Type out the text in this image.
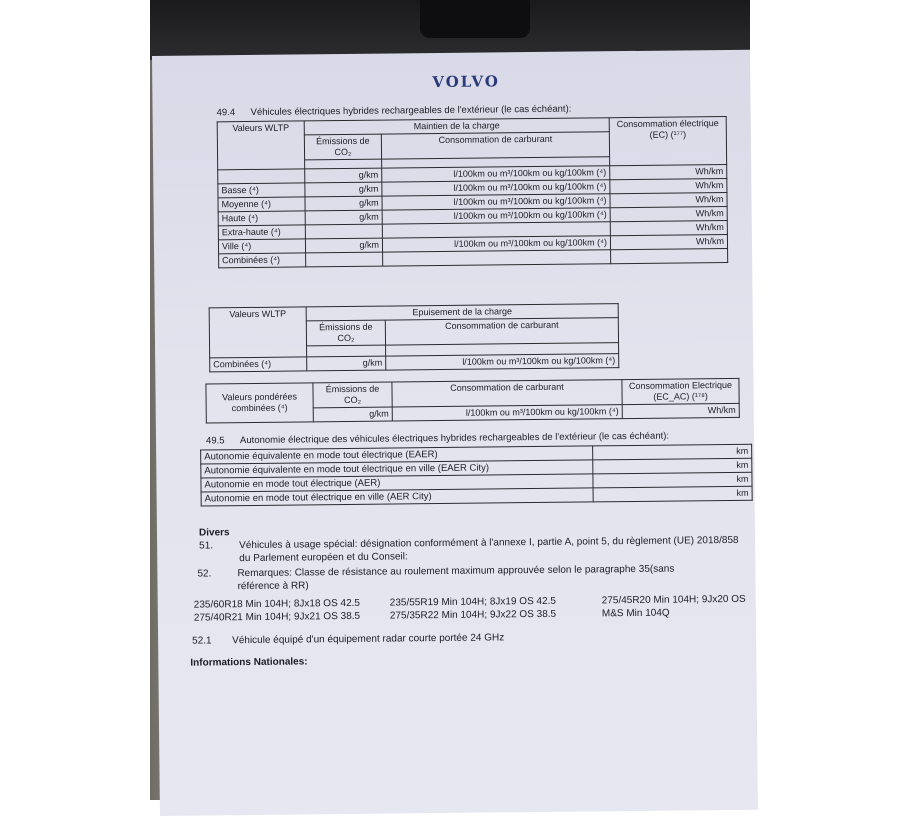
VOLVO
49.4 Véhicules électriques hybrides rechargeables de l'extérieur (le cas échéant):
Valeurs WLTP	Maintien de la charge		Consommation électrique (EC) (¹⁷⁷)
	Émissions de CO₂	Consommation de carburant	

	g/km	l/100km ou m³/100km ou kg/100km (⁴)	Wh/km
Basse (⁴)	g/km	l/100km ou m³/100km ou kg/100km (⁴)	Wh/km
Moyenne (⁴)	g/km	l/100km ou m³/100km ou kg/100km (⁴)	Wh/km
Haute (⁴)	g/km	l/100km ou m³/100km ou kg/100km (⁴)	Wh/km
Extra-haute (⁴)			Wh/km
Ville (⁴)	g/km	l/100km ou m³/100km ou kg/100km (⁴)	Wh/km
Combinées (⁴)			
Valeurs WLTP	Epuisement de la charge	
	Émissions de CO₂	Consommation de carburant

Combinées (⁴)	g/km	l/100km ou m³/100km ou kg/100km (⁴)
Valeurs pondérées combinées (⁴)	Émissions de CO₂	Consommation de carburant	Consommation Electrique (EC_AC) (¹⁷⁸)
	g/km	l/100km ou m³/100km ou kg/100km (⁴)	Wh/km
49.5 Autonomie électrique des véhicules électriques hybrides rechargeables de l'extérieur (le cas échéant):
Autonomie équivalente en mode tout électrique (EAER)	km
Autonomie équivalente en mode tout électrique en ville (EAER City)	km
Autonomie en mode tout électrique (AER)	km
Autonomie en mode tout électrique en ville (AER City)	km
Divers
51.	Véhicules à usage spécial: désignation conformément à l'annexe I, partie A, point 5, du règlement (UE) 2018/858 du Parlement européen et du Conseil:
52.	Remarques: Classe de résistance au roulement maximum approuvée selon le paragraphe 35(sans référence à RR)
235/60R18 Min 104H; 8Jx18 OS 42.5	235/55R19 Min 104H; 8Jx19 OS 42.5	275/45R20 Min 104H; 9Jx20 OS
275/40R21 Min 104H; 9Jx21 OS 38.5	275/35R22 Min 104H; 9Jx22 OS 38.5	M&S Min 104Q
52.1 Véhicule équipé d'un équipement radar courte portée 24 GHz
Informations Nationales:
